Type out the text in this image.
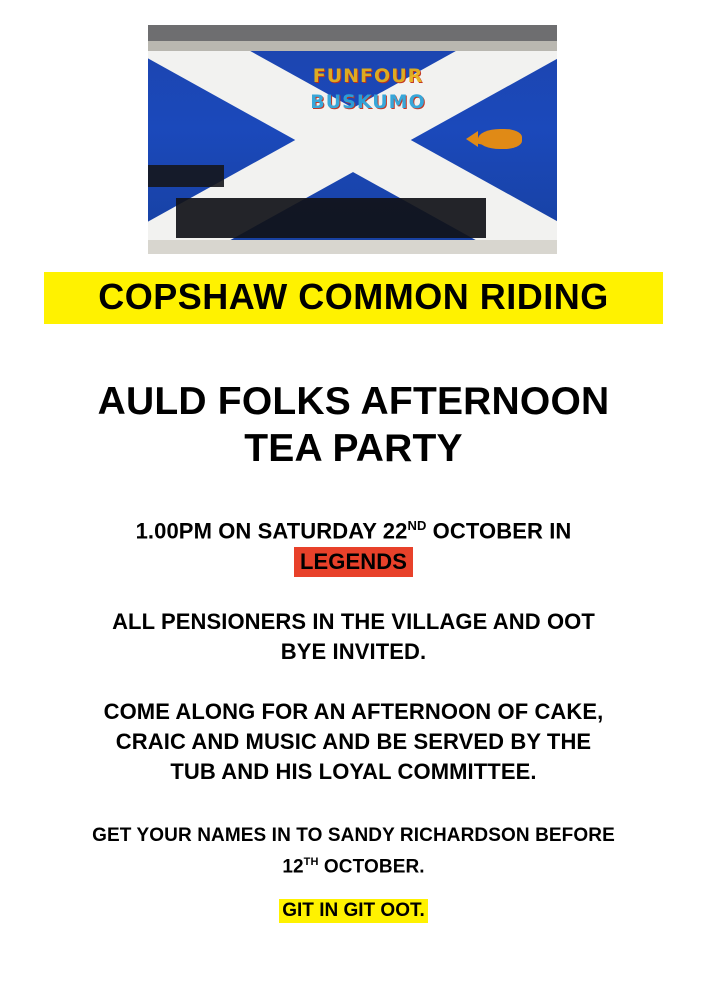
FUNFOUR
BUSKUMO
COPSHAW COMMON RIDING
AULD FOLKS AFTERNOON
TEA PARTY
1.00PM ON SATURDAY 22ND OCTOBER IN
LEGENDS
ALL PENSIONERS IN THE VILLAGE AND OOT
BYE INVITED.
COME ALONG FOR AN AFTERNOON OF CAKE,
CRAIC AND MUSIC AND BE SERVED BY THE
TUB AND HIS LOYAL COMMITTEE.
GET YOUR NAMES IN TO SANDY RICHARDSON BEFORE
12TH OCTOBER.
GIT IN GIT OOT.
